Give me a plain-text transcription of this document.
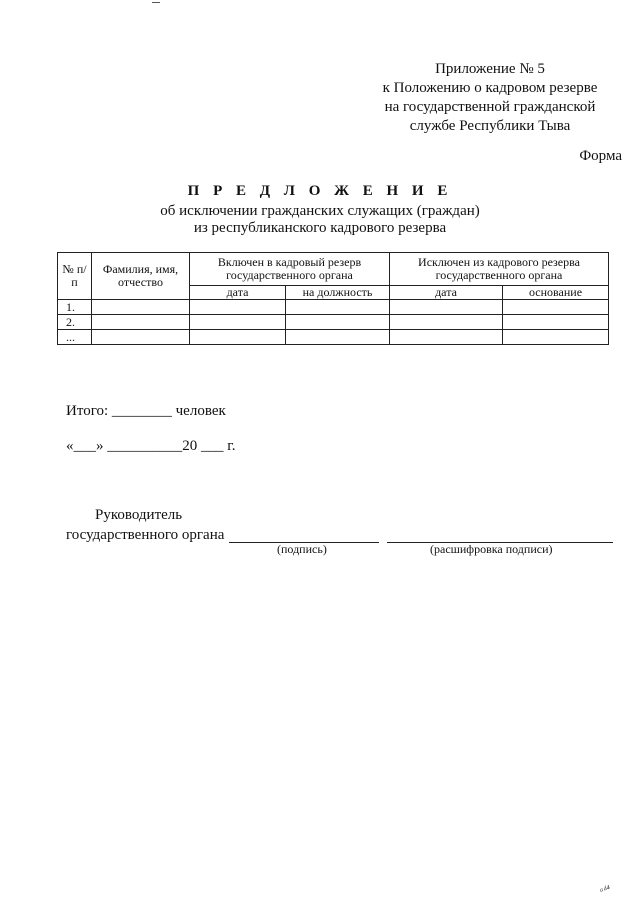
Приложение № 5
к Положению о кадровом резерве
на государственной гражданской
службе Республики Тыва
Форма
П Р Е Д Л О Ж Е Н И Е
об исключении гражданских служащих (граждан)
из республиканского кадрового резерва
№ п/п	Фамилия, имя, отчество	Включен в кадровый резерв государственного органа		Исключен из кадрового резерва государственного органа	
		дата	на должность	дата	основание
1.					
2.					
...					
Итого: ________ человек
«___» __________20 ___ г.
Руководитель
государственного органа
(подпись)	(расшифровка подписи)
ᵃᵈ⁴
